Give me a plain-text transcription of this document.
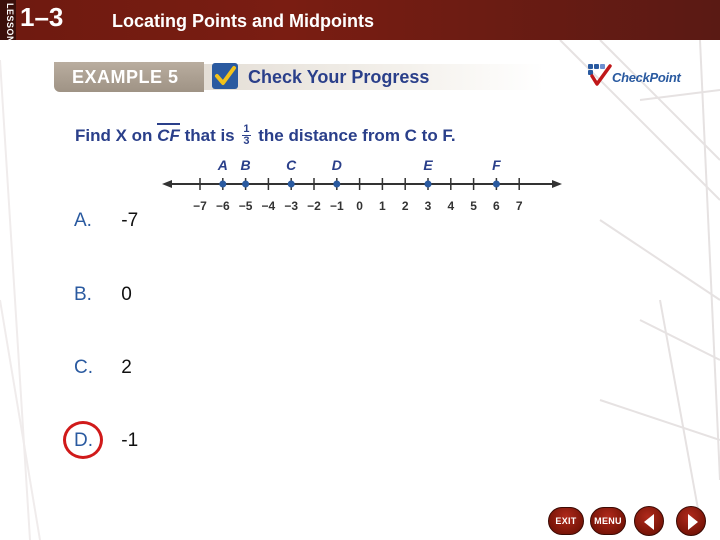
LESSON 1–3	Locating Points and Midpoints
EXAMPLE 5	Check Your Progress	CheckPoint
Find X on CF that is $\frac{1}{3}$ the distance from C to F.
−7 −6 −5 −4 −3 −2 −1 0 1 2 3 4 5 6 7
A B	C	D	E	F
A. -7
B. 0
C. 2
D. -1
EXIT	MENU
